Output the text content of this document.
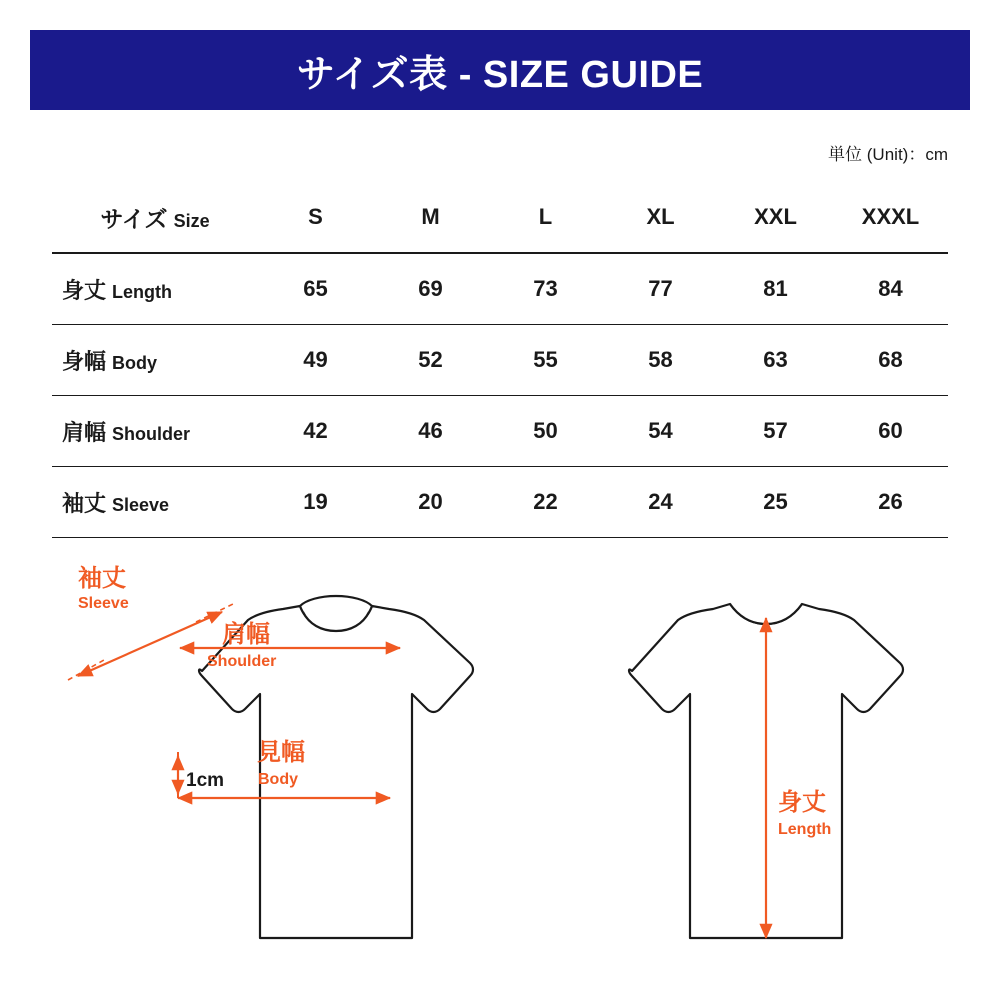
サイズ表 - SIZE GUIDE
単位 (Unit)：cm
サイズ Size	S	M	L	XL	XXL	XXXL
身丈 Length	65	69	73	77	81	84
身幅 Body	49	52	55	58	63	68
肩幅 Shoulder	42	46	50	54	57	60
袖丈 Sleeve	19	20	22	24	25	26
袖丈
Sleeve
肩幅
Shoulder
見幅
Body
1cm
身丈
Length
